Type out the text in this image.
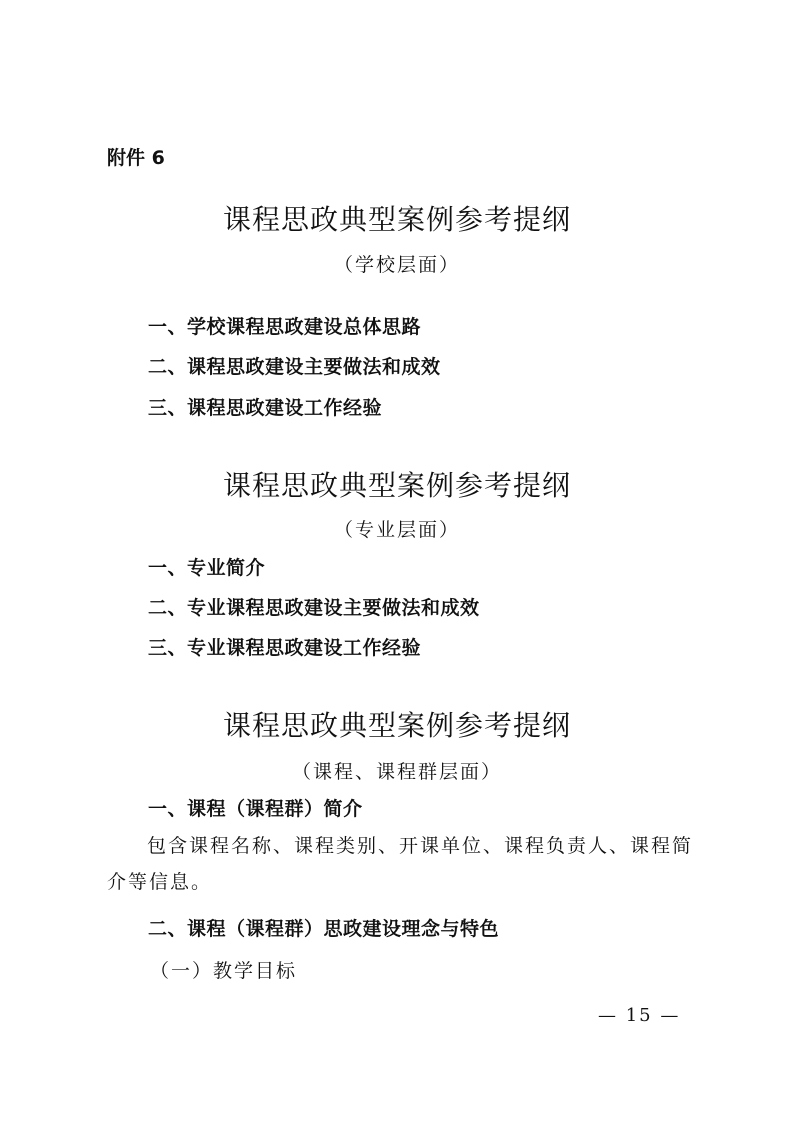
附件 6
课程思政典型案例参考提纲
（学校层面）
一、学校课程思政建设总体思路
二、课程思政建设主要做法和成效
三、课程思政建设工作经验
课程思政典型案例参考提纲
（专业层面）
一、专业简介
二、专业课程思政建设主要做法和成效
三、专业课程思政建设工作经验
课程思政典型案例参考提纲
（课程、课程群层面）
一、课程（课程群）简介
包含课程名称、课程类别、开课单位、课程负责人、课程简介等信息。
二、课程（课程群）思政建设理念与特色
（一）教学目标
— 15 —
